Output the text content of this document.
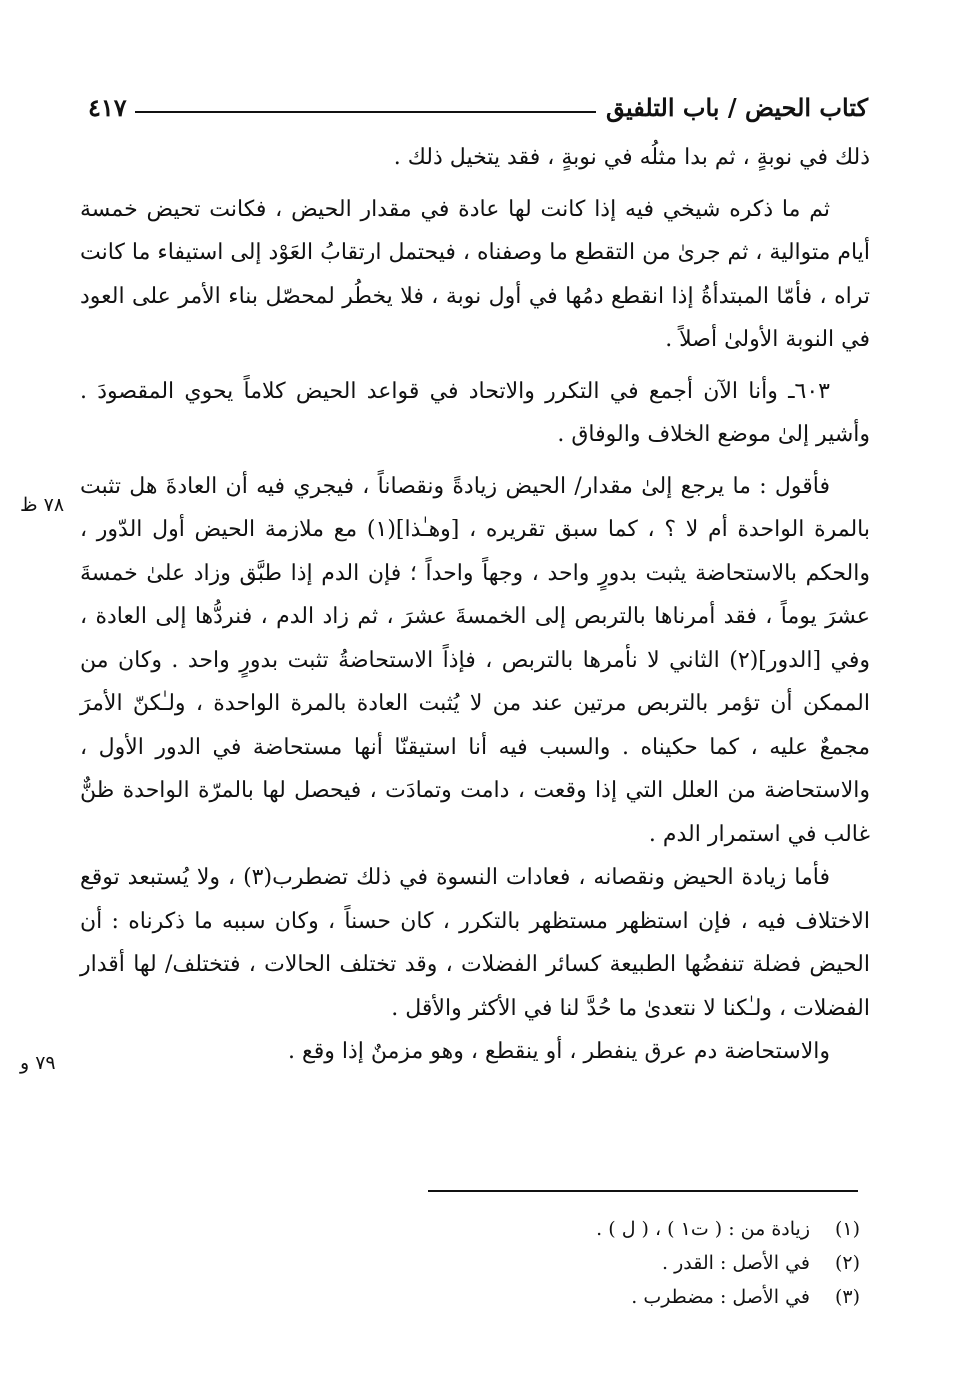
كتاب الحيض / باب التلفيق
٤١٧

ذلك في نوبةٍ ، ثم بدا مثلُه في نوبةٍ ، فقد يتخيل ذلك .

ثم ما ذكره شيخي فيه إذا كانت لها عادة في مقدار الحيض ، فكانت تحيض خمسة أيام متوالية ، ثم جرىٰ من التقطع ما وصفناه ، فيحتمل ارتقابُ العَوْد إلى استيفاء ما كانت تراه ، فأمّا المبتدأةُ إذا انقطع دمُها في أول نوبة ، فلا يخطُر لمحصّل بناء الأمر على العود في النوبة الأولىٰ أصلاً .

٦٠٣ـ وأنا الآن أجمع في التكرر والاتحاد في قواعد الحيض كلاماً يحوي المقصودَ . وأشير إلىٰ موضع الخلاف والوفاق .

فأقول : ما يرجع إلىٰ مقدار/ الحيض زيادةً ونقصاناً ، فيجري فيه أن العادةَ هل تثبت بالمرة الواحدة أم لا ؟ ، كما سبق تقريره ، [وهـٰذا](١) مع ملازمة الحيض أول الدّور ، والحكم بالاستحاضة يثبت بدورٍ واحد ، وجهاً واحداً ؛ فإن الدم إذا طبَّق وزاد علىٰ خمسةَ عشرَ يوماً ، فقد أمرناها بالتربص إلى الخمسةَ عشرَ ، ثم زاد الدم ، فنردُّها إلى العادة ، وفي [الدور](٢) الثاني لا نأمرها بالتربص ، فإذاً الاستحاضةُ تثبت بدورٍ واحد . وكان من الممكن أن تؤمر بالتربص مرتين عند من لا يُثبت العادة بالمرة الواحدة ، ولـٰكنّ الأمرَ مجمعٌ عليه ، كما حكيناه . والسبب فيه أنا استيقنّا أنها مستحاضة في الدور الأول ، والاستحاضة من العلل التي إذا وقعت ، دامت وتمادَت ، فيحصل لها بالمرّة الواحدة ظنٌّ غالب في استمرار الدم .

فأما زيادة الحيض ونقصانه ، فعادات النسوة في ذلك تضطرب(٣) ، ولا يُستبعد توقع الاختلاف فيه ، فإن استظهر مستظهر بالتكرر ، كان حسناً ، وكان سببه ما ذكرناه : أن الحيض فضلة تنفضُها الطبيعة كسائر الفضلات ، وقد تختلف الحالات ، فتختلف/ لها أقدار الفضلات ، ولـٰكنا لا نتعدىٰ ما حُدَّ لنا في الأكثر والأقل .

والاستحاضة دم عرق ينفطر ، أو ينقطع ، وهو مزمنٌ إذا وقع .

٧٨ ظ
٧٩ و
(١)
زيادة من : ( ت١ ) ، ( ل ) .
(٢)
في الأصل : القدر .
(٣)
في الأصل : مضطرب .
